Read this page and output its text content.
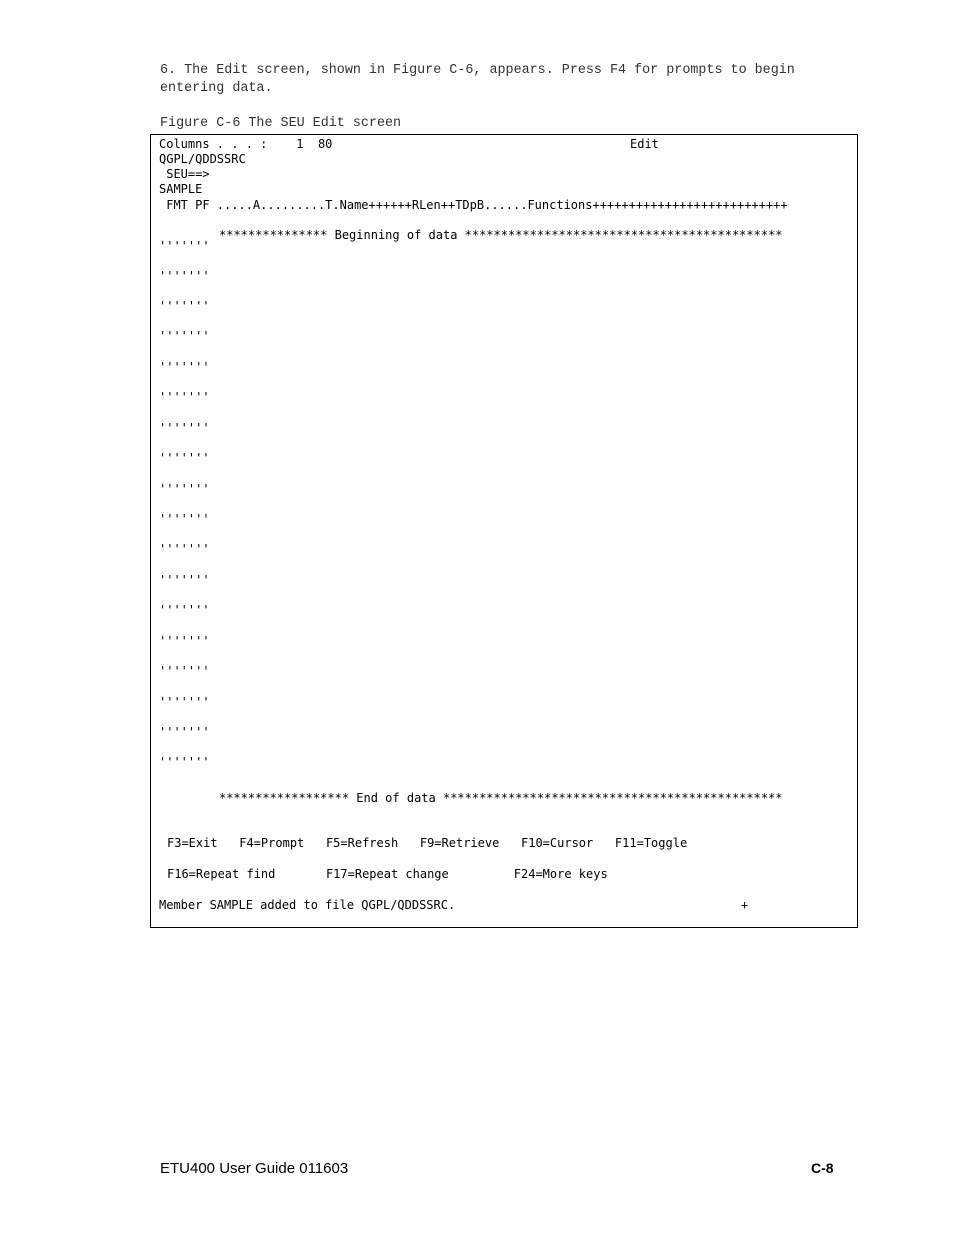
6. The Edit screen, shown in Figure C-6, appears. Press F4 for prompts to begin entering data.
Figure C-6 The SEU Edit screen
Columns . . . :    1  80	Edit
QGPL/QDDSSRC
SEU==>
SAMPLE
FMT PF .....A.........T.Name++++++RLen++TDpB......Functions+++++++++++++++++++++++++++
*************** Beginning of data ********************************************
'''''''
'''''''
'''''''
'''''''
'''''''
'''''''
'''''''
'''''''
'''''''
'''''''
'''''''
'''''''
'''''''
'''''''
'''''''
'''''''
'''''''
'''''''
****************** End of data ***********************************************
F3=Exit   F4=Prompt   F5=Refresh   F9=Retrieve   F10=Cursor   F11=Toggle
F16=Repeat find       F17=Repeat change         F24=More keys
Member SAMPLE added to file QGPL/QDDSSRC.	+
ETU400 User Guide 011603	C-8
